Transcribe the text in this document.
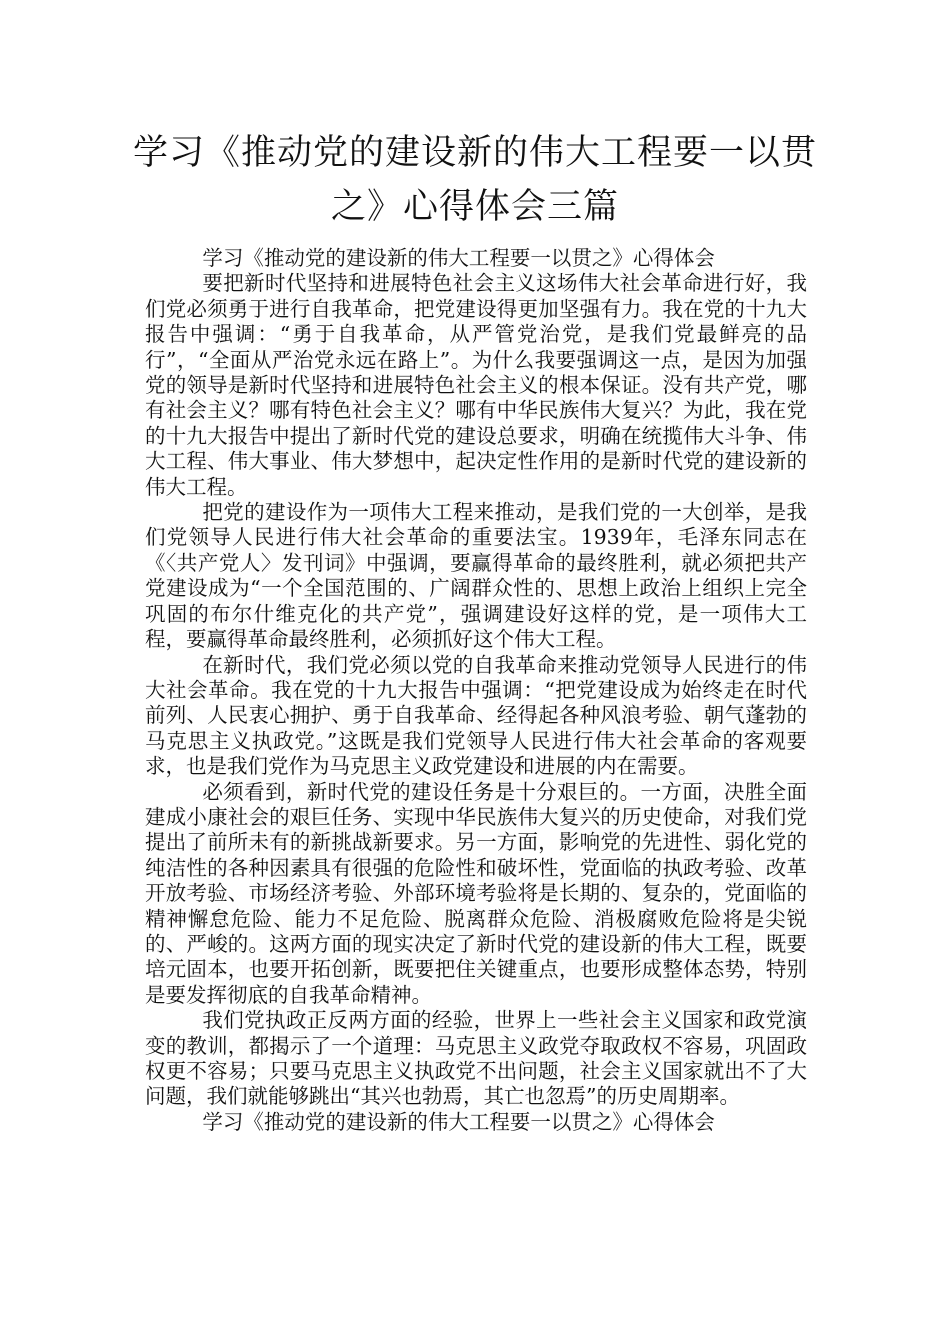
学习《推动党的建设新的伟大工程要一以贯之》心得体会三篇

学习《推动党的建设新的伟大工程要一以贯之》心得体会

要把新时代坚持和进展特色社会主义这场伟大社会革命进行好，我们党必须勇于进行自我革命，把党建设得更加坚强有力。我在党的十九大报告中强调：“勇于自我革命，从严管党治党，是我们党最鲜亮的品行”，“全面从严治党永远在路上”。为什么我要强调这一点，是因为加强党的领导是新时代坚持和进展特色社会主义的根本保证。没有共产党，哪有社会主义？哪有特色社会主义？哪有中华民族伟大复兴？为此，我在党的十九大报告中提出了新时代党的建设总要求，明确在统揽伟大斗争、伟大工程、伟大事业、伟大梦想中，起决定性作用的是新时代党的建设新的伟大工程。

把党的建设作为一项伟大工程来推动，是我们党的一大创举，是我们党领导人民进行伟大社会革命的重要法宝。1939年，毛泽东同志在《〈共产党人〉发刊词》中强调，要赢得革命的最终胜利，就必须把共产党建设成为“一个全国范围的、广阔群众性的、思想上政治上组织上完全巩固的布尔什维克化的共产党”，强调建设好这样的党，是一项伟大工程，要赢得革命最终胜利，必须抓好这个伟大工程。

在新时代，我们党必须以党的自我革命来推动党领导人民进行的伟大社会革命。我在党的十九大报告中强调：“把党建设成为始终走在时代前列、人民衷心拥护、勇于自我革命、经得起各种风浪考验、朝气蓬勃的马克思主义执政党。”这既是我们党领导人民进行伟大社会革命的客观要求，也是我们党作为马克思主义政党建设和进展的内在需要。

必须看到，新时代党的建设任务是十分艰巨的。一方面，决胜全面建成小康社会的艰巨任务、实现中华民族伟大复兴的历史使命，对我们党提出了前所未有的新挑战新要求。另一方面，影响党的先进性、弱化党的纯洁性的各种因素具有很强的危险性和破坏性，党面临的执政考验、改革开放考验、市场经济考验、外部环境考验将是长期的、复杂的，党面临的精神懈怠危险、能力不足危险、脱离群众危险、消极腐败危险将是尖锐的、严峻的。这两方面的现实决定了新时代党的建设新的伟大工程，既要培元固本，也要开拓创新，既要把住关键重点，也要形成整体态势，特别是要发挥彻底的自我革命精神。

我们党执政正反两方面的经验，世界上一些社会主义国家和政党演变的教训，都揭示了一个道理：马克思主义政党夺取政权不容易，巩固政权更不容易；只要马克思主义执政党不出问题，社会主义国家就出不了大问题，我们就能够跳出“其兴也勃焉，其亡也忽焉”的历史周期率。

学习《推动党的建设新的伟大工程要一以贯之》心得体会
